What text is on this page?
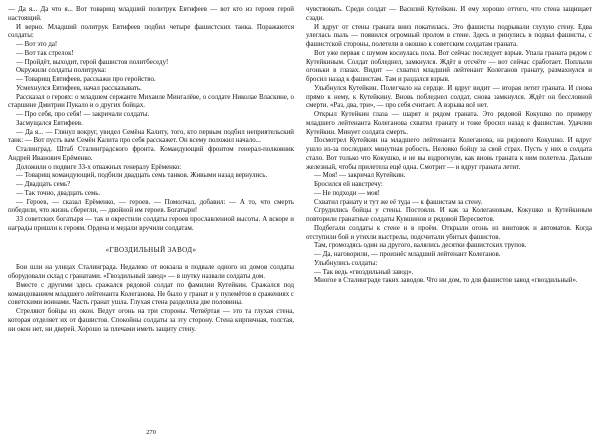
— Да я... Да что я... Вот товарищ младший политрук Евтифеев — вот кто из героев герой настоящий.

И верно. Младший политрук Евтифеев подбил четыре фашистских танка. Поражаются солдаты:

— Вот это да!

— Вот так стрелок!

— Пройдёт, выходит, герой фашистов политбеседу!

Окружили солдаты политрука:

— Товарищ Евтифеев, расскажи про геройство.

Усмехнулся Евтифеев, начал рассказывать.

Рассказал о героях: о младшем сержанте Михаиле Мингалёве, о солдате Николае Власкине, о старшине Дмитрии Пукало и о других бойцах.

— Про себя, про себя! — закричали солдаты.

Засмущался Евтифеев.

— Да я... — Глянул вокруг, увидел Семёна Калиту, того, кто первым подбил неприятельский танк: — Вот пусть вам Семён Калита про себя расскажет. Он всему положил начало...

Сталинград. Штаб Сталинградского фронта. Командующий фронтом генерал-полковник Андрей Иванович Ерёменко.

Доложили о подвиге 33-х отважных генералу Ерёменко:

— Товарищ командующий, подбили двадцать семь танков. Живыми назад вернулись.

— Двадцать семь?

— Так точно, двадцать семь.

— Героев, — сказал Ерёменко, — героев. — Помолчал, добавил: — А то, что смерть победили, что жизнь сберегли, — двойной им героев. Богатыри!

33 советских богатыря — так и окрестили солдаты героев прославленной высоты. А вскоре и награды пришли к героям. Ордена и медали вручили солдатам.

«ГВОЗДИЛЬНЫЙ ЗАВОД»

Бои шли на улицах Сталинграда. Недалеко от вокзала в подвале одного из домов солдаты оборудовали склад с гранатами. «Гвоздильный завод» — в шутку назвали солдаты дом.

Вместе с другими здесь сражался рядовой солдат по фамилии Кутейкин. Сражался под командованием младшего лейтенанта Колеганова. Не было у гранат и у пулемётов в сражениях с советскими воинами. Часть гранат ушла. Глухая стена разделила две половины.

Стреляют бойцы из окон. Ведут огонь на три стороны. Четвёртая — это та глухая стена, которая отделяет их от фашистов. Спокойны солдаты за эту сторону. Стена кирпичная, толстая, ни окон нет, ни дверей. Хорошо за плечами иметь защиту стену.

270

чувствовать. Среди солдат — Василий Кутейкин. И ему хорошо оттого, что стена защищает сзади.

И вдруг от стены граната вниз покатилась. Это фашисты подрывали глухую стену. Едва улеглась пыль — появился огромный пролом в стене. Здесь и ринулись в подвал фашисты, с фашистской стороны, полетели в окошко к советским солдатам граната.

Вот уже первая с шумом коснулась пола. Вот сейчас последует взрыв. Упала граната рядом с Кутейкиным. Солдат побледнел, замкнулся. Ждёт в отсчёте — вот сейчас сработает. Поплыли огоньки в глазах. Видит — схватил младший лейтенант Колеганов гранату, размахнулся и бросил назад к фашистам. Там и раздался взрыв.

Улыбнулся Кутейкин. Полегчало на сердце. И вдруг видит — вторая летит граната. И снова прямо к нему, к Кутейкину. Вновь побледнел солдат, снова замкнулся. Ждёт он бессловной смерти. «Раз, два, три», — про себя считает. А взрыва всё нет.

Открыл Кутейкин глаза — шарят и рядом граната. Это рядовой Кокушко по примеру младшего лейтенанта Колеганова схватил гранату и тоже бросил назад к фашистам. Удачлив Кутейкин. Минует солдата смерть.

Посмотрел Кутейкин на младшего лейтенанта Колеганова, на рядового Кокушко. И вдруг ушло из-за последних минутная робость. Неловко бойцу за свой страх. Пусть у них в солдата стало. Вот только что Кокушко, и не вы вздрогнули, как вновь граната к ним полетела. Дальше железный, чтобы прилетела ещё одна. Смотрит — и вдруг граната летит.

— Моя! — закричал Кутейкин.

Бросился ей навстречу:

— Не подходи — моя!

Схватил гранату и тут же её туда — к фашистам за стену.

Сгрудились бойцы у стены. Постояли. И как за Колегановым, Кокушко и Кутейкиным повторили гранатные солдаты Кувшинов и рядовой Пересветов.

Подбегали солдаты к стене и в проём. Открыли огонь из винтовок и автоматов. Когда отступили бой и утихли выстрелы, подсчитали убитых фашистов.

Там, громоздясь один на другого, валялись десятки фашистских трупов.

— Да, наговорили, — произнёс младший лейтенант Колеганов.

Улыбнулись солдаты:

— Так ведь «гвоздильный завод».

Многое в Сталинграде таких заводов. Что ни дом, то для фашистов завод «гвоздильный».
